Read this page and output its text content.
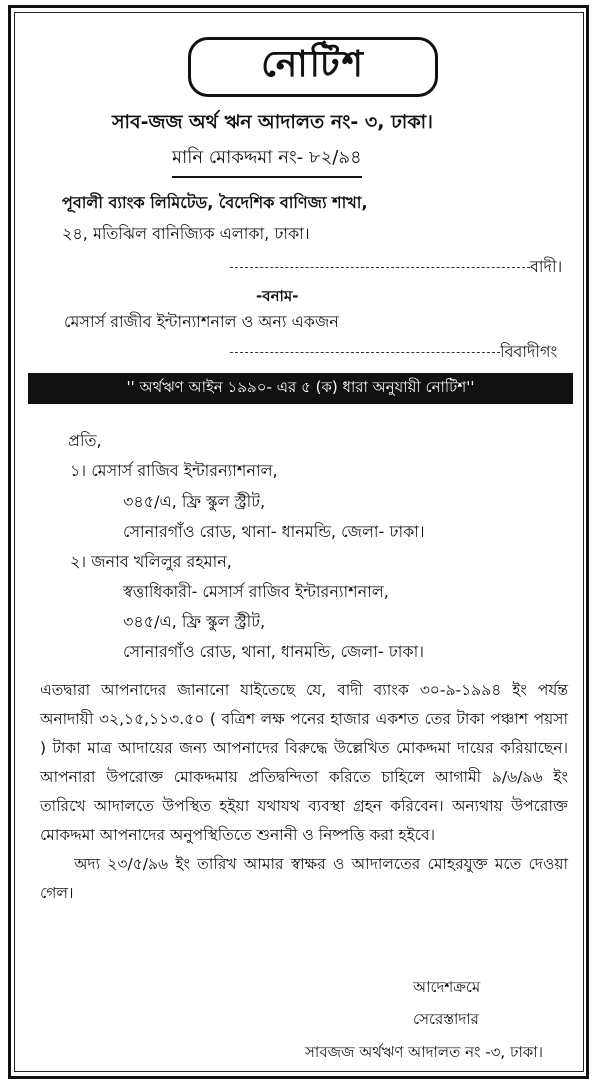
নোটিশ
সাব-জজ অর্থ ঋন আদালত নং- ৩, ঢাকা।
মানি মোকদ্দমা নং- ৮২/৯৪
পূবালী ব্যাংক লিমিটেড, বৈদেশিক বাণিজ্য শাখা,
২৪, মতিঝিল বানিজ্যিক এলাকা, ঢাকা।
বাদী।
-বনাম-
মেসার্স রাজীব ইন্টান্যাশনাল ও অন্য একজন
বিবাদীগং
'' অর্থঋণ আইন ১৯৯০- এর ৫ (ক) ধারা অনুযায়ী নোটিশ''
প্রতি,
১। মেসার্স রাজিব ইন্টারন্যাশনাল,
৩৪৫/এ, ফ্রি স্কুল স্ট্রীট,
সোনারগাঁও রোড, থানা- ধানমন্ডি, জেলা- ঢাকা।
২। জনাব খলিলুর রহমান,
স্বত্তাধিকারী- মেসার্স রাজিব ইন্টারন্যাশনাল,
৩৪৫/এ, ফ্রি স্কুল স্ট্রীট,
সোনারগাঁও রোড, থানা, ধানমন্ডি, জেলা- ঢাকা।

এতদ্বারা আপনাদের জানানো যাইতেছে যে, বাদী ব্যাংক ৩০-৯-১৯৯৪ ইং পর্যন্ত অনাদায়ী ৩২,১৫,১১৩.৫০ ( বত্রিশ লক্ষ পনের হাজার একশত তের টাকা পঞ্চাশ পয়সা ) টাকা মাত্র আদায়ের জন্য আপনাদের বিরুদ্ধে উল্লেখিত মোকদ্দমা দায়ের করিয়াছেন। আপনারা উপরোক্ত মোকদ্দমায় প্রতিদ্বন্দিতা করিতে চাহিলে আগামী ৯/৬/৯৬ ইং তারিখে আদালতে উপস্থিত হইয়া যথাযথ ব্যবস্থা গ্রহন করিবেন। অন্যথায় উপরোক্ত মোকদ্দমা আপনাদের অনুপস্থিতিতে শুনানী ও নিষ্পত্তি করা হইবে।

অদ্য ২৩/৫/৯৬ ইং তারিখ আমার স্বাক্ষর ও আদালতের মোহরযুক্ত মতে দেওয়া গেল।

আদেশক্রমে
সেরেস্তাদার
সাবজজ অর্থঋণ আদালত নং -৩, ঢাকা।
